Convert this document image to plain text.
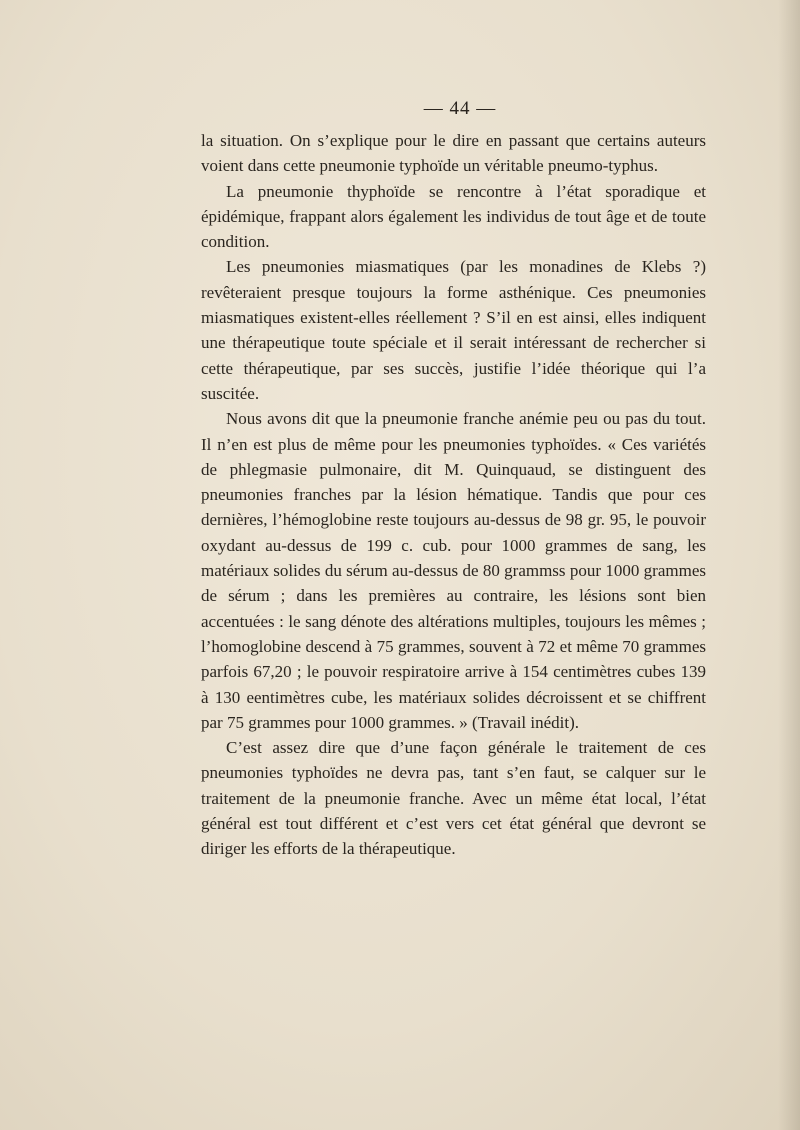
— 44 —

la situation. On s’explique pour le dire en passant que certains auteurs voient dans cette pneumonie typhoïde un véritable pneumo-typhus.

La pneumonie thyphoïde se rencontre à l’état sporadique et épidémique, frappant alors également les individus de tout âge et de toute condition.

Les pneumonies miasmatiques (par les monadines de Klebs ?) revêteraient presque toujours la forme asthénique. Ces pneumonies miasmatiques existent-elles réellement ? S’il en est ainsi, elles indiquent une thérapeutique toute spéciale et il serait intéressant de rechercher si cette thérapeutique, par ses succès, justifie l’idée théorique qui l’a suscitée.

Nous avons dit que la pneumonie franche anémie peu ou pas du tout. Il n’en est plus de même pour les pneumonies typhoïdes. « Ces variétés de phlegmasie pulmonaire, dit M. Quinquaud, se distinguent des pneumonies franches par la lésion hématique. Tandis que pour ces dernières, l’hémoglobine reste toujours au-dessus de 98 gr. 95, le pouvoir oxydant au-dessus de 199 c. cub. pour 1000 grammes de sang, les matériaux solides du sérum au-dessus de 80 grammss pour 1000 grammes de sérum ; dans les premières au contraire, les lésions sont bien accentuées : le sang dénote des altérations multiples, toujours les mêmes ; l’homoglobine descend à 75 grammes, souvent à 72 et même 70 grammes parfois 67,20 ; le pouvoir respiratoire arrive à 154 centimètres cubes 139 à 130 eentimètres cube, les matériaux solides décroissent et se chiffrent par 75 grammes pour 1000 grammes. » (Travail inédit).

C’est assez dire que d’une façon générale le traitement de ces pneumonies typhoïdes ne devra pas, tant s’en faut, se calquer sur le traitement de la pneumonie franche. Avec un même état local, l’état général est tout différent et c’est vers cet état général que devront se diriger les efforts de la thérapeutique.
